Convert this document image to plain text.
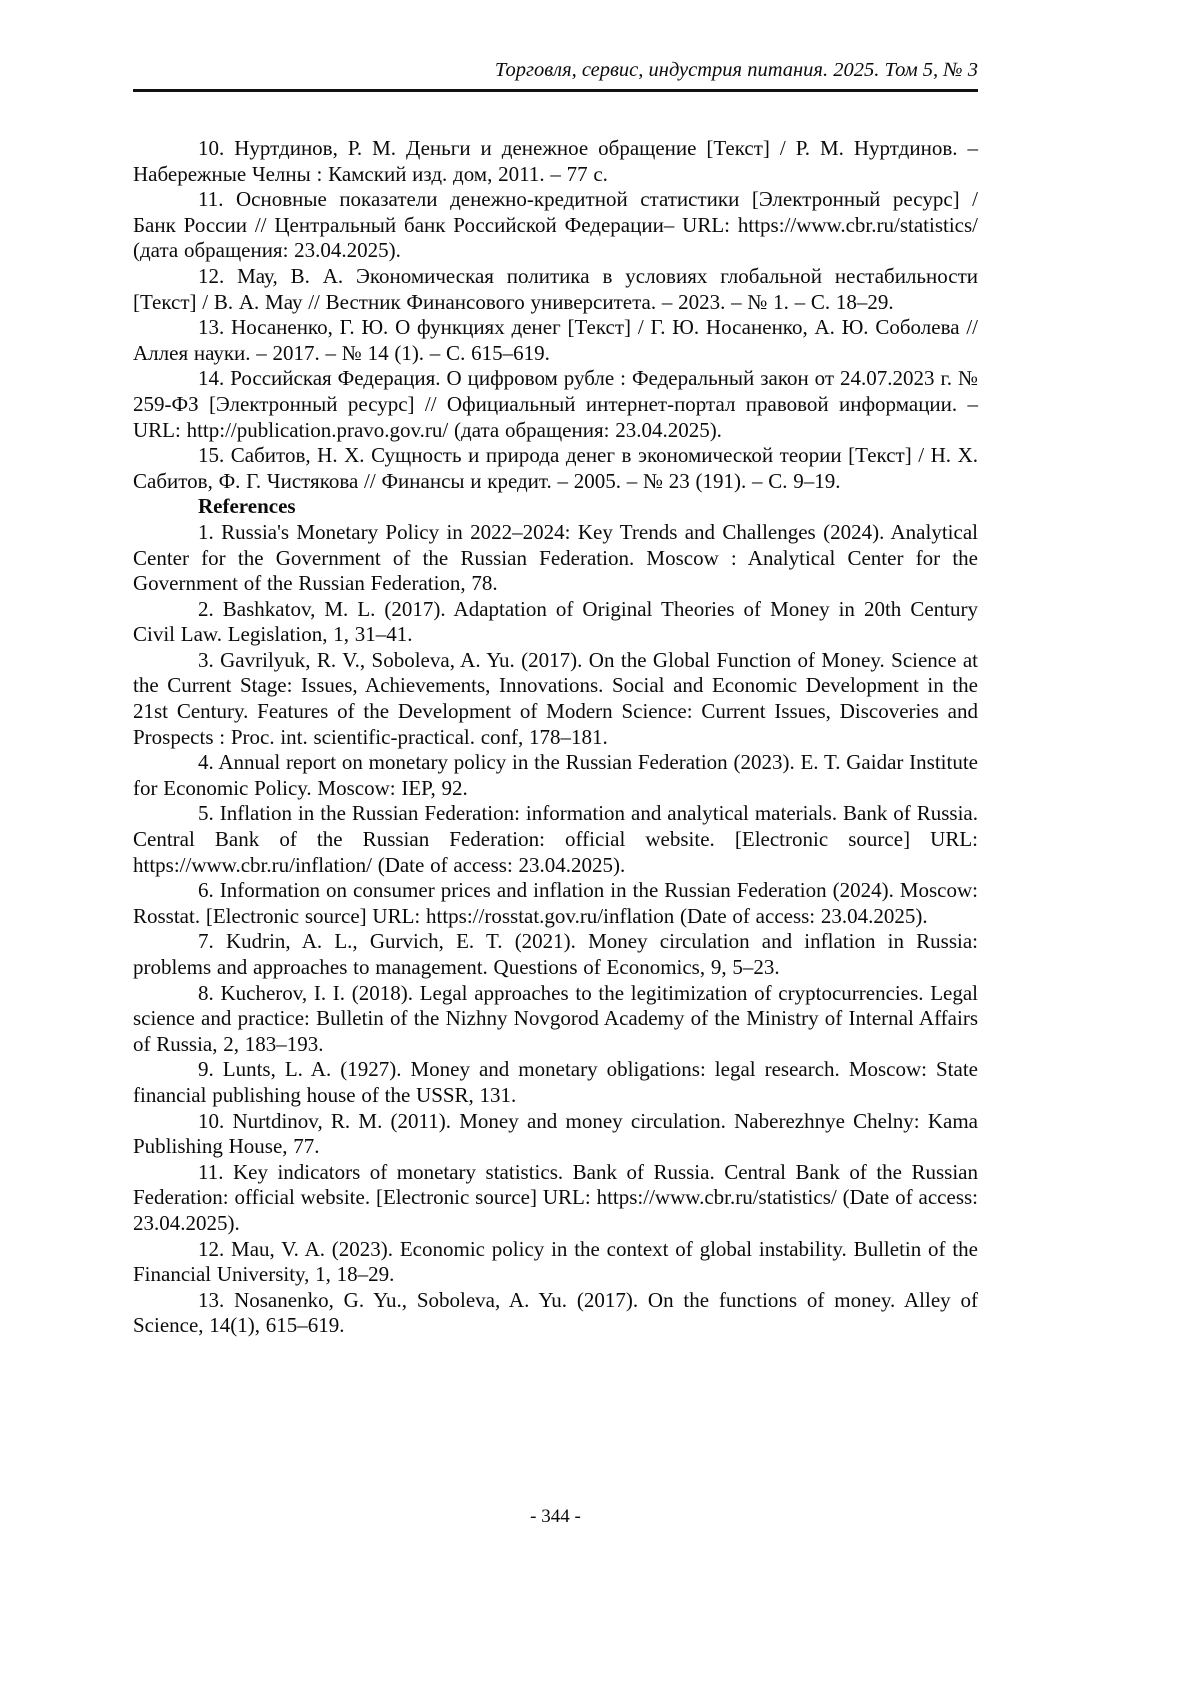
Торговля, сервис, индустрия питания. 2025. Том 5, № 3

10. Нуртдинов, Р. М. Деньги и денежное обращение [Текст] / Р. М. Нуртдинов. – Набережные Челны : Камский изд. дом, 2011. – 77 с.

11. Основные показатели денежно-кредитной статистики [Электронный ресурс] / Банк России // Центральный банк Российской Федерации– URL: https://www.cbr.ru/statistics/ (дата обращения: 23.04.2025).

12. Мау, В. А. Экономическая политика в условиях глобальной нестабильности [Текст] / В. А. Мау // Вестник Финансового университета. – 2023. – № 1. – С. 18–29.

13. Носаненко, Г. Ю. О функциях денег [Текст] / Г. Ю. Носаненко, А. Ю. Соболева // Аллея науки. – 2017. – № 14 (1). – С. 615–619.

14. Российская Федерация. О цифровом рубле : Федеральный закон от 24.07.2023 г. № 259-ФЗ [Электронный ресурс] // Официальный интернет-портал правовой информации. – URL: http://publication.pravo.gov.ru/ (дата обращения: 23.04.2025).

15. Сабитов, Н. Х. Сущность и природа денег в экономической теории [Текст] / Н. Х. Сабитов, Ф. Г. Чистякова // Финансы и кредит. – 2005. – № 23 (191). – С. 9–19.

References

1. Russia's Monetary Policy in 2022–2024: Key Trends and Challenges (2024). Analytical Center for the Government of the Russian Federation. Moscow : Analytical Center for the Government of the Russian Federation, 78.

2. Bashkatov, M. L. (2017). Adaptation of Original Theories of Money in 20th Century Civil Law. Legislation, 1, 31–41.

3. Gavrilyuk, R. V., Soboleva, A. Yu. (2017). On the Global Function of Money. Science at the Current Stage: Issues, Achievements, Innovations. Social and Economic Development in the 21st Century. Features of the Development of Modern Science: Current Issues, Discoveries and Prospects : Proc. int. scientific-practical. conf, 178–181.

4. Annual report on monetary policy in the Russian Federation (2023). E. T. Gaidar Institute for Economic Policy. Moscow: IEP, 92.

5. Inflation in the Russian Federation: information and analytical materials. Bank of Russia. Central Bank of the Russian Federation: official website. [Electronic source] URL: https://www.cbr.ru/inflation/ (Date of access: 23.04.2025).

6. Information on consumer prices and inflation in the Russian Federation (2024). Moscow: Rosstat. [Electronic source] URL: https://rosstat.gov.ru/inflation (Date of access: 23.04.2025).

7. Kudrin, A. L., Gurvich, E. T. (2021). Money circulation and inflation in Russia: problems and approaches to management. Questions of Economics, 9, 5–23.

8. Kucherov, I. I. (2018). Legal approaches to the legitimization of cryptocurrencies. Legal science and practice: Bulletin of the Nizhny Novgorod Academy of the Ministry of Internal Affairs of Russia, 2, 183–193.

9. Lunts, L. A. (1927). Money and monetary obligations: legal research. Moscow: State financial publishing house of the USSR, 131.

10. Nurtdinov, R. M. (2011). Money and money circulation. Naberezhnye Chelny: Kama Publishing House, 77.

11. Key indicators of monetary statistics. Bank of Russia. Central Bank of the Russian Federation: official website. [Electronic source] URL: https://www.cbr.ru/statistics/ (Date of access: 23.04.2025).

12. Mau, V. A. (2023). Economic policy in the context of global instability. Bulletin of the Financial University, 1, 18–29.

13. Nosanenko, G. Yu., Soboleva, A. Yu. (2017). On the functions of money. Alley of Science, 14(1), 615–619.

- 344 -
